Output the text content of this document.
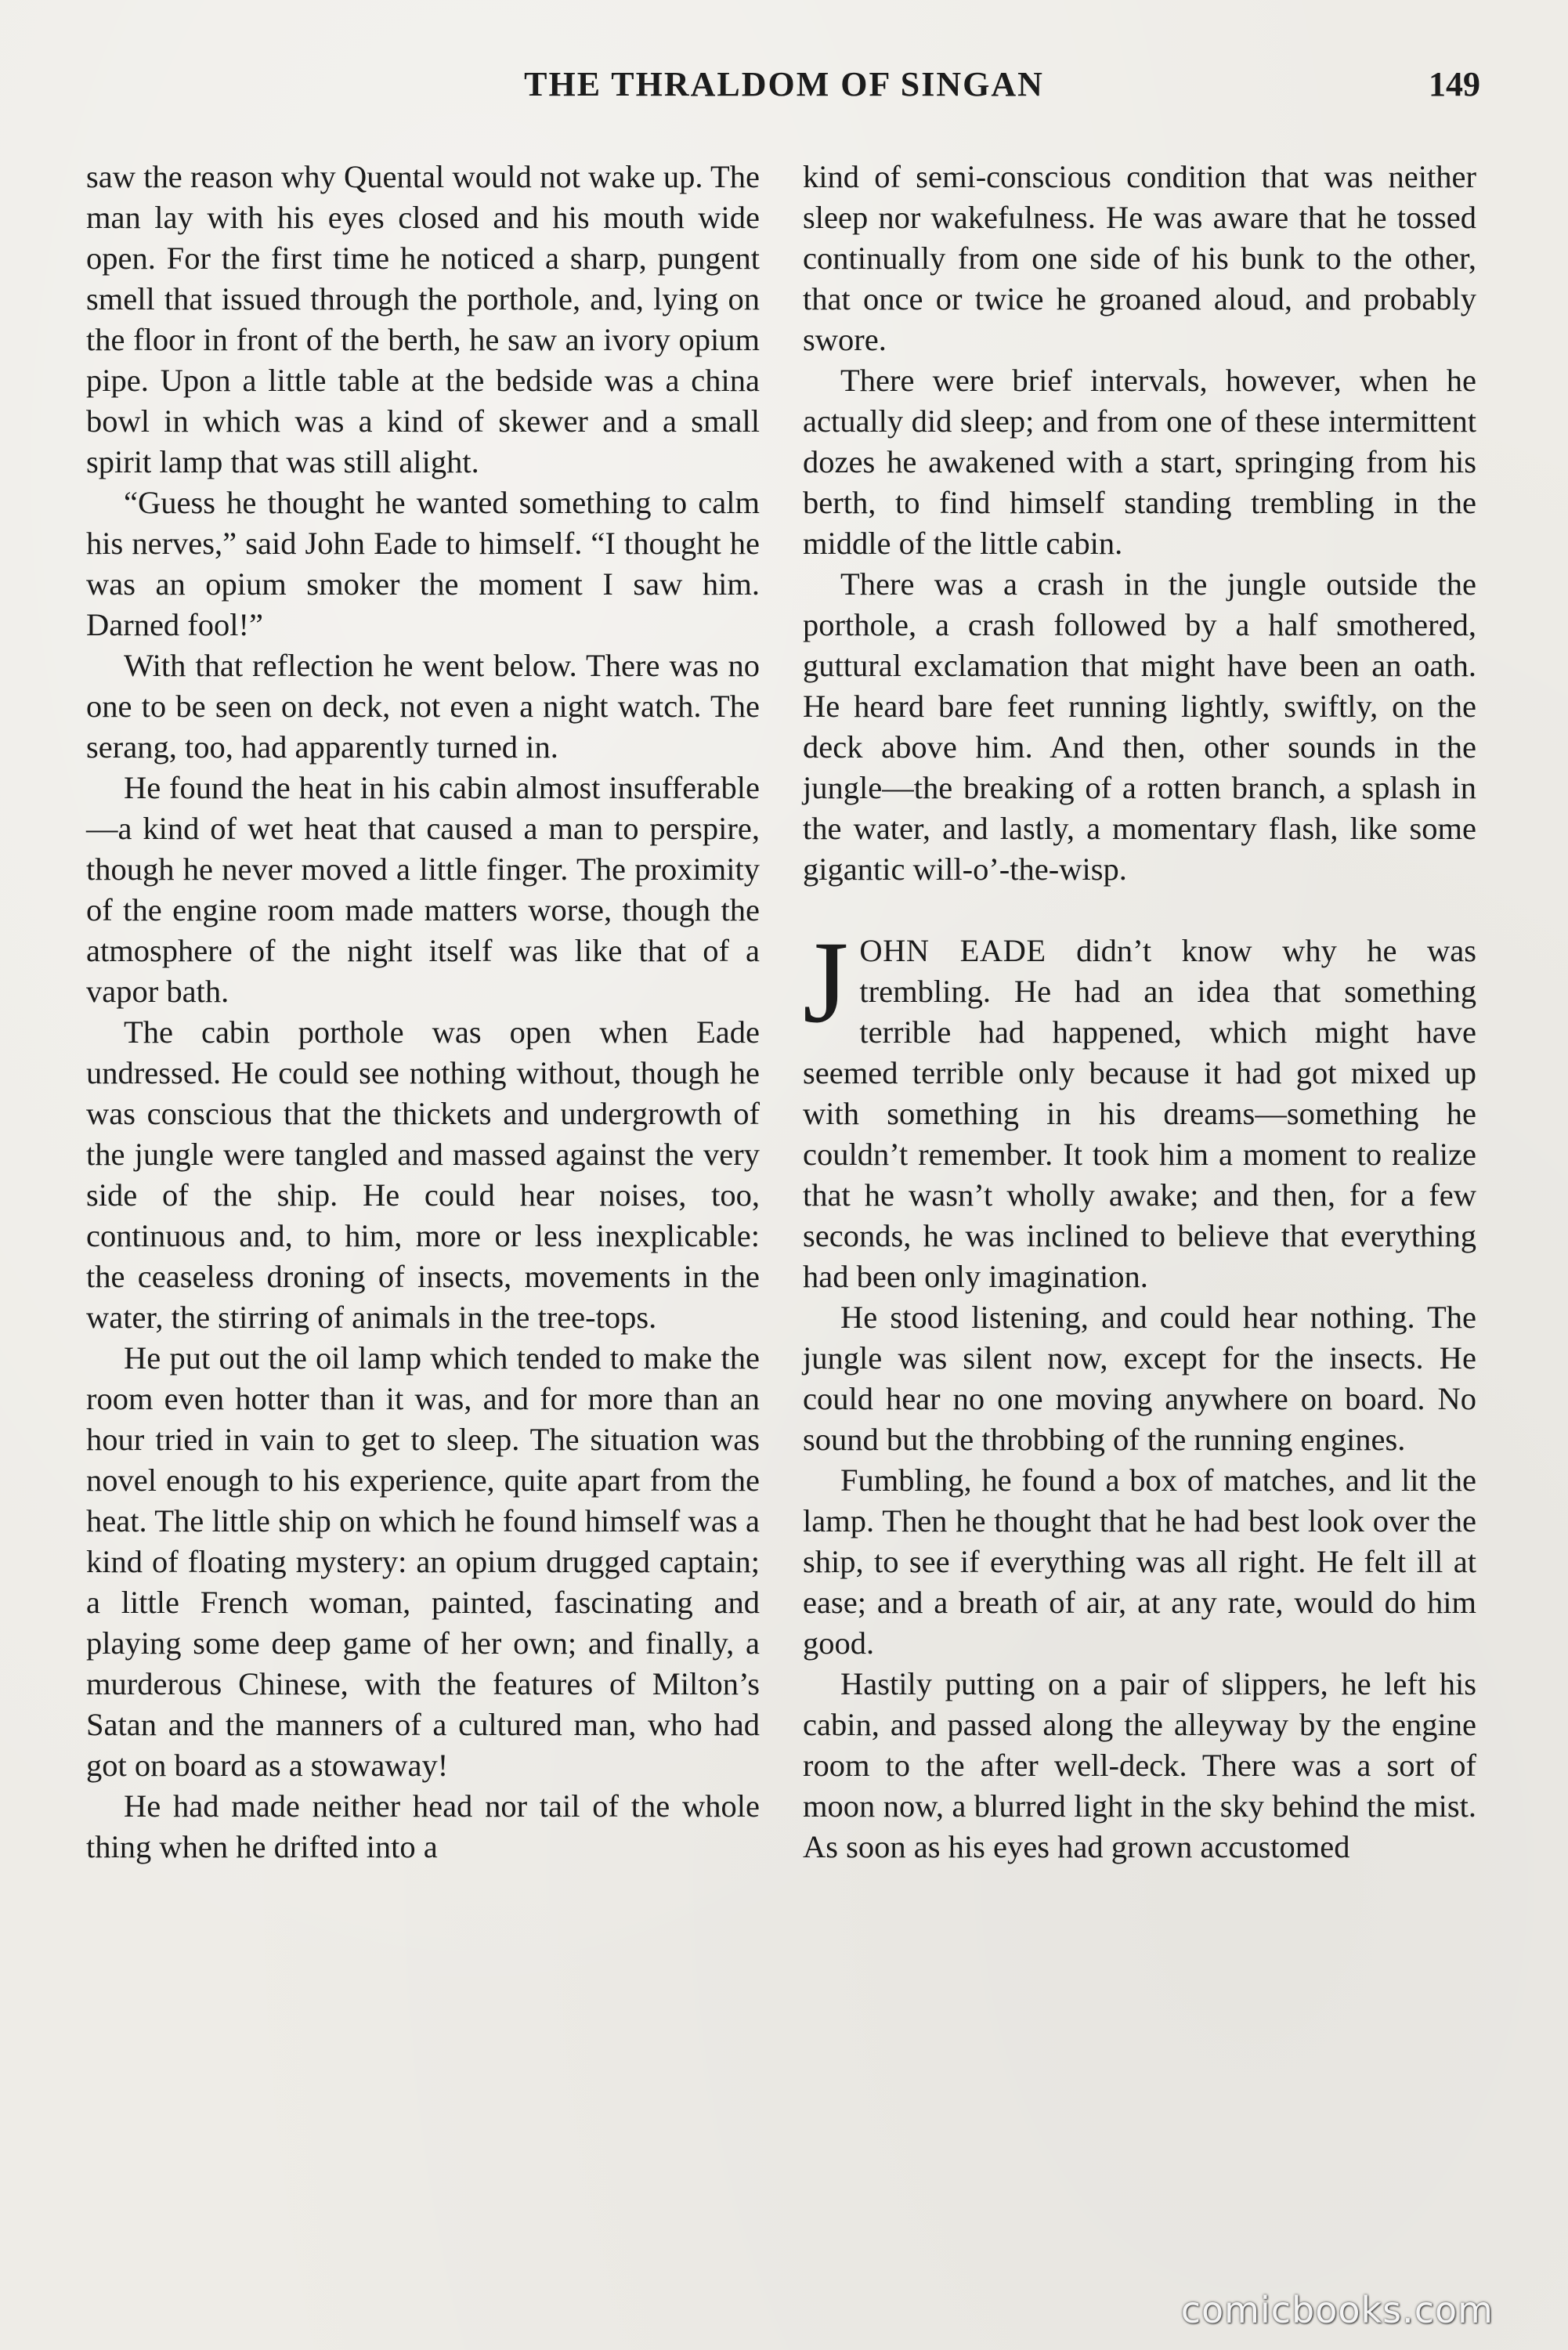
THE THRALDOM OF SINGAN	149

saw the reason why Quental would not wake up. The man lay with his eyes closed and his mouth wide open. For the first time he noticed a sharp, pungent smell that issued through the porthole, and, lying on the floor in front of the berth, he saw an ivory opium pipe. Upon a little table at the bedside was a china bowl in which was a kind of skewer and a small spirit lamp that was still alight.

“Guess he thought he wanted something to calm his nerves,” said John Eade to himself. “I thought he was an opium smoker the moment I saw him. Darned fool!”

With that reflection he went below. There was no one to be seen on deck, not even a night watch. The serang, too, had apparently turned in.

He found the heat in his cabin almost insufferable—a kind of wet heat that caused a man to perspire, though he never moved a little finger. The proximity of the engine room made matters worse, though the atmosphere of the night itself was like that of a vapor bath.

The cabin porthole was open when Eade undressed. He could see nothing without, though he was conscious that the thickets and undergrowth of the jungle were tangled and massed against the very side of the ship. He could hear noises, too, continuous and, to him, more or less inexplicable: the ceaseless droning of insects, movements in the water, the stirring of animals in the tree-tops.

He put out the oil lamp which tended to make the room even hotter than it was, and for more than an hour tried in vain to get to sleep. The situation was novel enough to his experience, quite apart from the heat. The little ship on which he found himself was a kind of floating mystery: an opium drugged captain; a little French woman, painted, fascinating and playing some deep game of her own; and finally, a murderous Chinese, with the features of Milton’s Satan and the manners of a cultured man, who had got on board as a stowaway!

He had made neither head nor tail of the whole thing when he drifted into a

kind of semi-conscious condition that was neither sleep nor wakefulness. He was aware that he tossed continually from one side of his bunk to the other, that once or twice he groaned aloud, and probably swore.

There were brief intervals, however, when he actually did sleep; and from one of these intermittent dozes he awakened with a start, springing from his berth, to find himself standing trembling in the middle of the little cabin.

There was a crash in the jungle outside the porthole, a crash followed by a half smothered, guttural exclamation that might have been an oath. He heard bare feet running lightly, swiftly, on the deck above him. And then, other sounds in the jungle—the breaking of a rotten branch, a splash in the water, and lastly, a momentary flash, like some gigantic will-o’-the-wisp.

JOHN EADE didn’t know why he was trembling. He had an idea that something terrible had happened, which might have seemed terrible only because it had got mixed up with something in his dreams—something he couldn’t remember. It took him a moment to realize that he wasn’t wholly awake; and then, for a few seconds, he was inclined to believe that everything had been only imagination.

He stood listening, and could hear nothing. The jungle was silent now, except for the insects. He could hear no one moving anywhere on board. No sound but the throbbing of the running engines.

Fumbling, he found a box of matches, and lit the lamp. Then he thought that he had best look over the ship, to see if everything was all right. He felt ill at ease; and a breath of air, at any rate, would do him good.

Hastily putting on a pair of slippers, he left his cabin, and passed along the alleyway by the engine room to the after well-deck. There was a sort of moon now, a blurred light in the sky behind the mist. As soon as his eyes had grown accustomed

comicbooks.com
